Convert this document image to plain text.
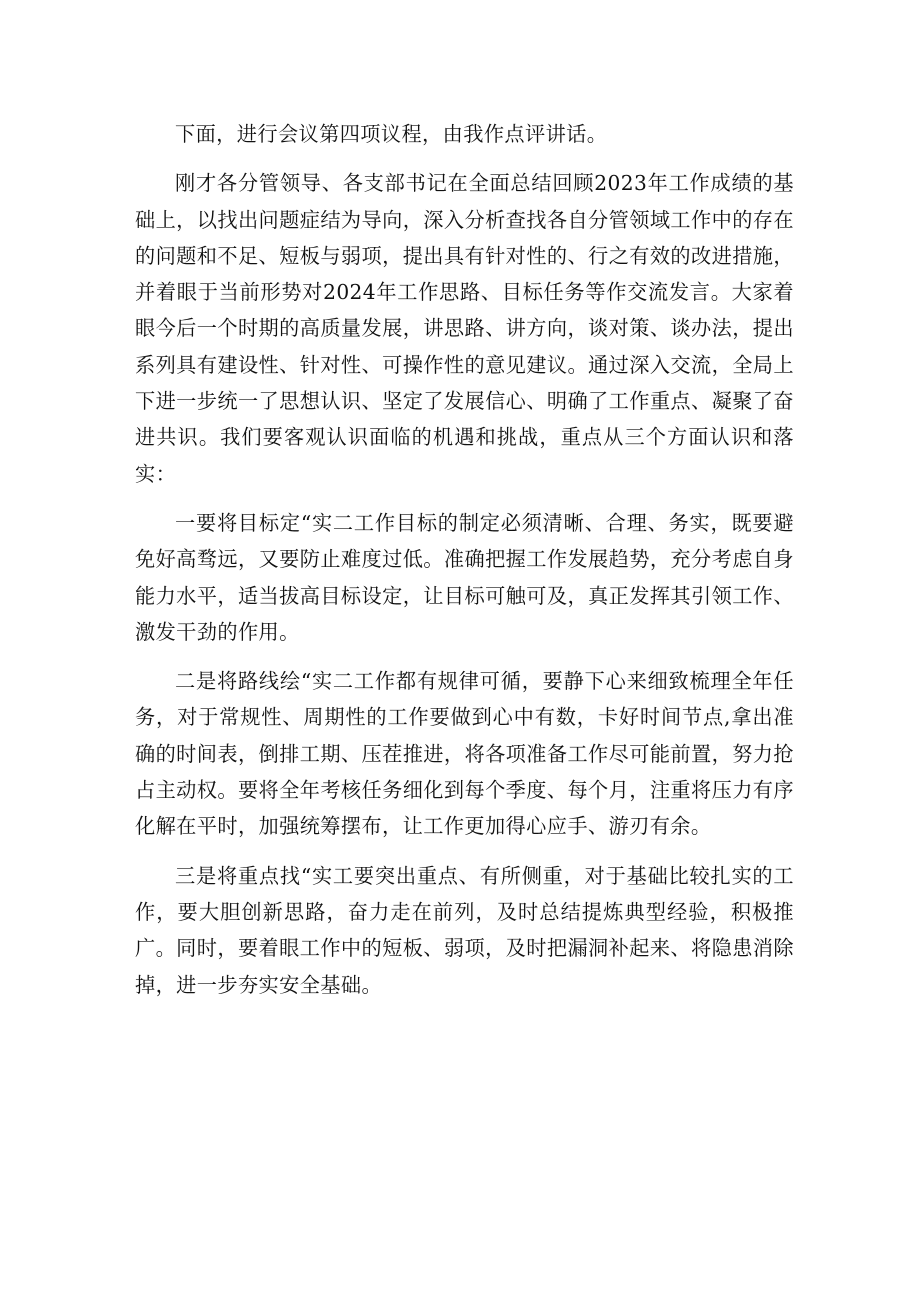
下面，进行会议第四项议程，由我作点评讲话。

刚才各分管领导、各支部书记在全面总结回顾2023年工作成绩的基础上，以找出问题症结为导向，深入分析查找各自分管领域工作中的存在的问题和不足、短板与弱项，提出具有针对性的、行之有效的改进措施，并着眼于当前形势对2024年工作思路、目标任务等作交流发言。大家着眼今后一个时期的高质量发展，讲思路、讲方向，谈对策、谈办法，提出系列具有建设性、针对性、可操作性的意见建议。通过深入交流，全局上下进一步统一了思想认识、坚定了发展信心、明确了工作重点、凝聚了奋进共识。我们要客观认识面临的机遇和挑战，重点从三个方面认识和落实：

一要将目标定“实二工作目标的制定必须清晰、合理、务实，既要避免好高骛远，又要防止难度过低。准确把握工作发展趋势，充分考虑自身能力水平，适当拔高目标设定，让目标可触可及，真正发挥其引领工作、激发干劲的作用。

二是将路线绘“实二工作都有规律可循，要静下心来细致梳理全年任务，对于常规性、周期性的工作要做到心中有数，卡好时间节点,拿出准确的时间表，倒排工期、压茬推进，将各项准备工作尽可能前置，努力抢占主动权。要将全年考核任务细化到每个季度、每个月，注重将压力有序化解在平时，加强统筹摆布，让工作更加得心应手、游刃有余。

三是将重点找“实工要突出重点、有所侧重，对于基础比较扎实的工作，要大胆创新思路，奋力走在前列，及时总结提炼典型经验，积极推广。同时，要着眼工作中的短板、弱项，及时把漏洞补起来、将隐患消除掉，进一步夯实安全基础。
